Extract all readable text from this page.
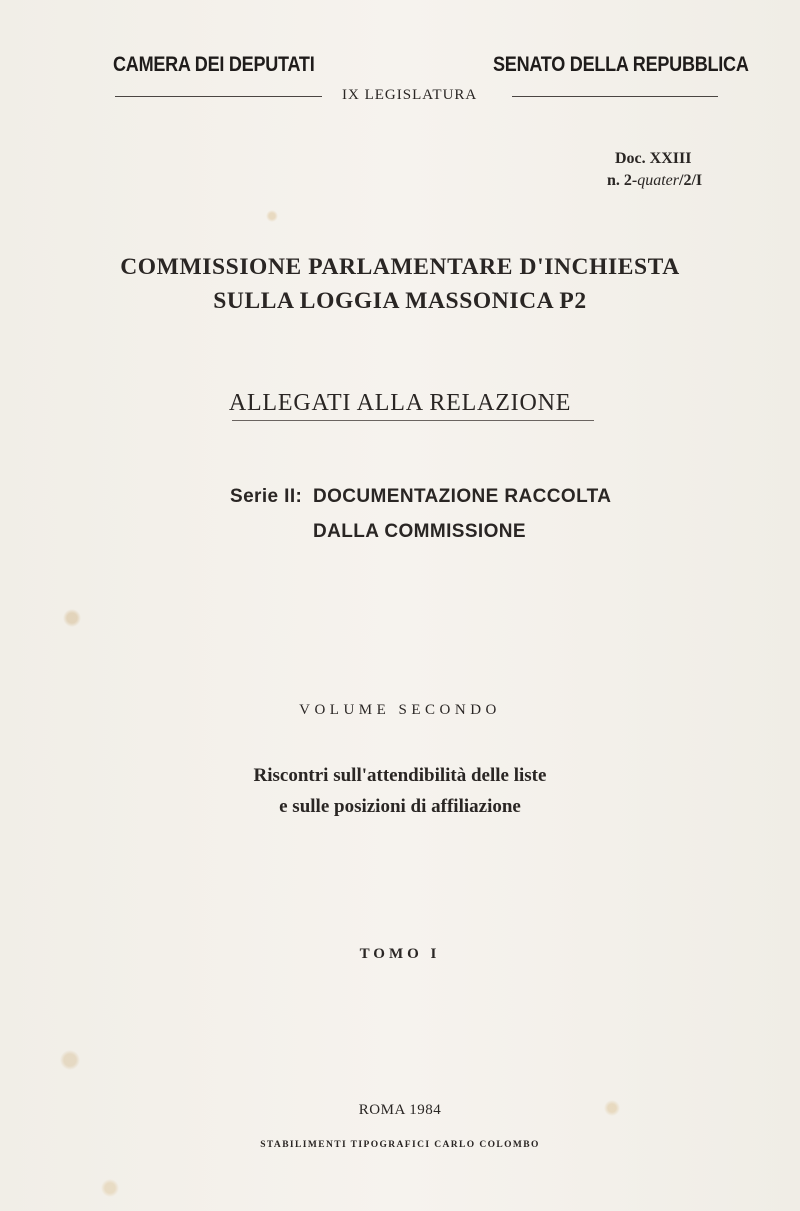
CAMERA DEI DEPUTATI	SENATO DELLA REPUBBLICA
IX LEGISLATURA
Doc. XXIII
n. 2-quater/2/I
COMMISSIONE PARLAMENTARE D'INCHIESTA
SULLA LOGGIA MASSONICA P2
ALLEGATI ALLA RELAZIONE
Serie II: DOCUMENTAZIONE RACCOLTA
DALLA COMMISSIONE
VOLUME SECONDO
Riscontri sull'attendibilità delle liste
e sulle posizioni di affiliazione
TOMO I
ROMA 1984
STABILIMENTI TIPOGRAFICI CARLO COLOMBO
